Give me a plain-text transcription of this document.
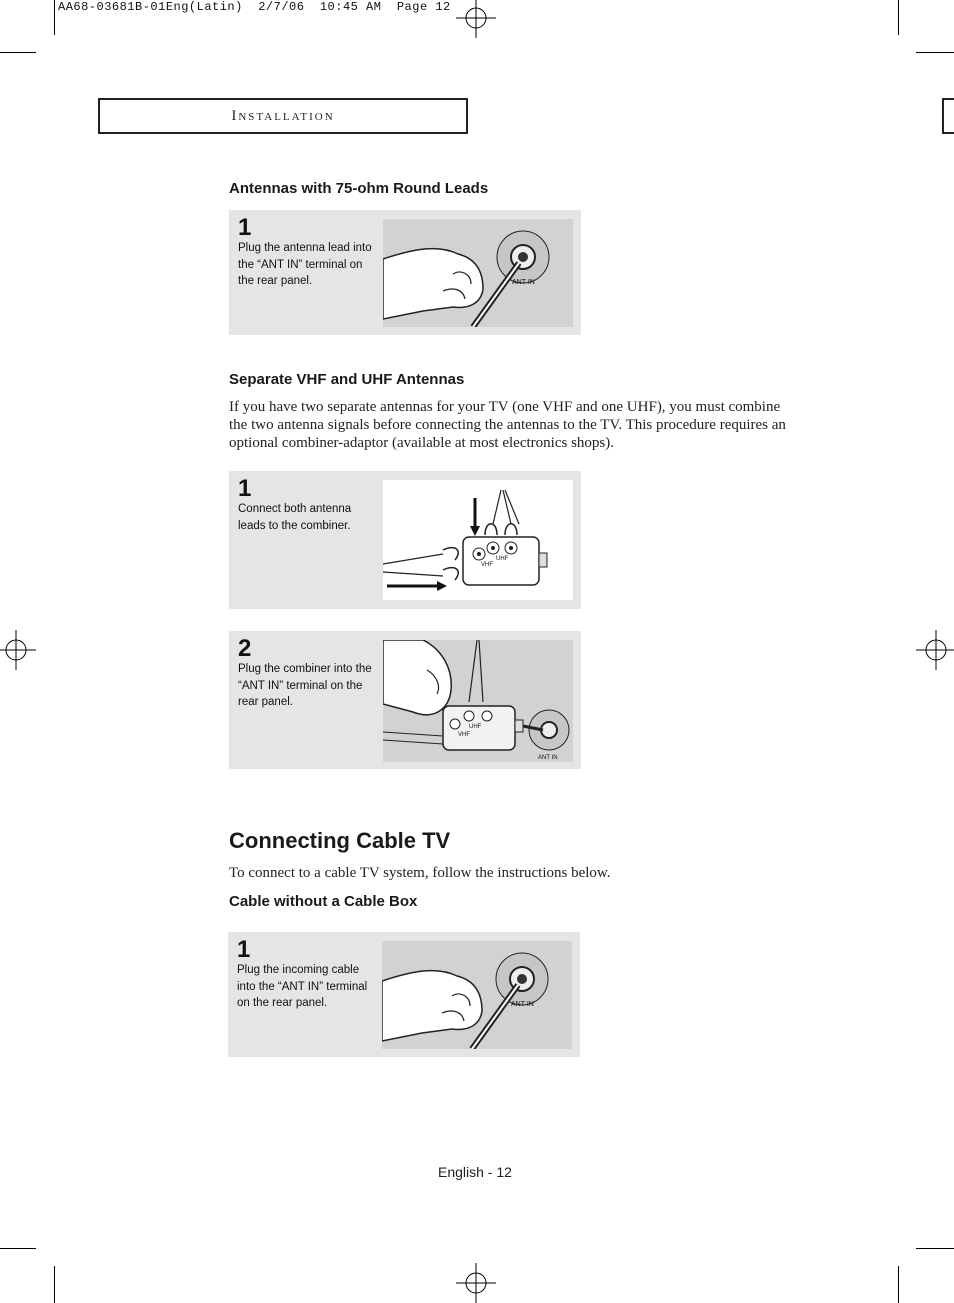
AA68-03681B-01Eng(Latin)  2/7/06  10:45 AM  Page 12
Installation
Antennas with 75-ohm Round Leads
1
Plug the antenna lead into the “ANT IN” terminal on the rear panel.	ANT IN
Separate VHF and UHF Antennas
If you have two separate antennas for your TV (one VHF and one UHF), you must combine the two antenna signals before connecting the antennas to the TV. This procedure requires an optional combiner-adaptor (available at most electronics shops).
1
Connect both antenna leads to the combiner.
UHF
VHF
2
Plug the combiner into the “ANT IN” terminal on the rear panel.
UHF
VHF
ANT IN
Connecting Cable TV
To connect to a cable TV system, follow the instructions below.
Cable without a Cable Box
1
Plug the incoming cable into the “ANT IN” terminal on the rear panel.	ANT IN
English - 12
